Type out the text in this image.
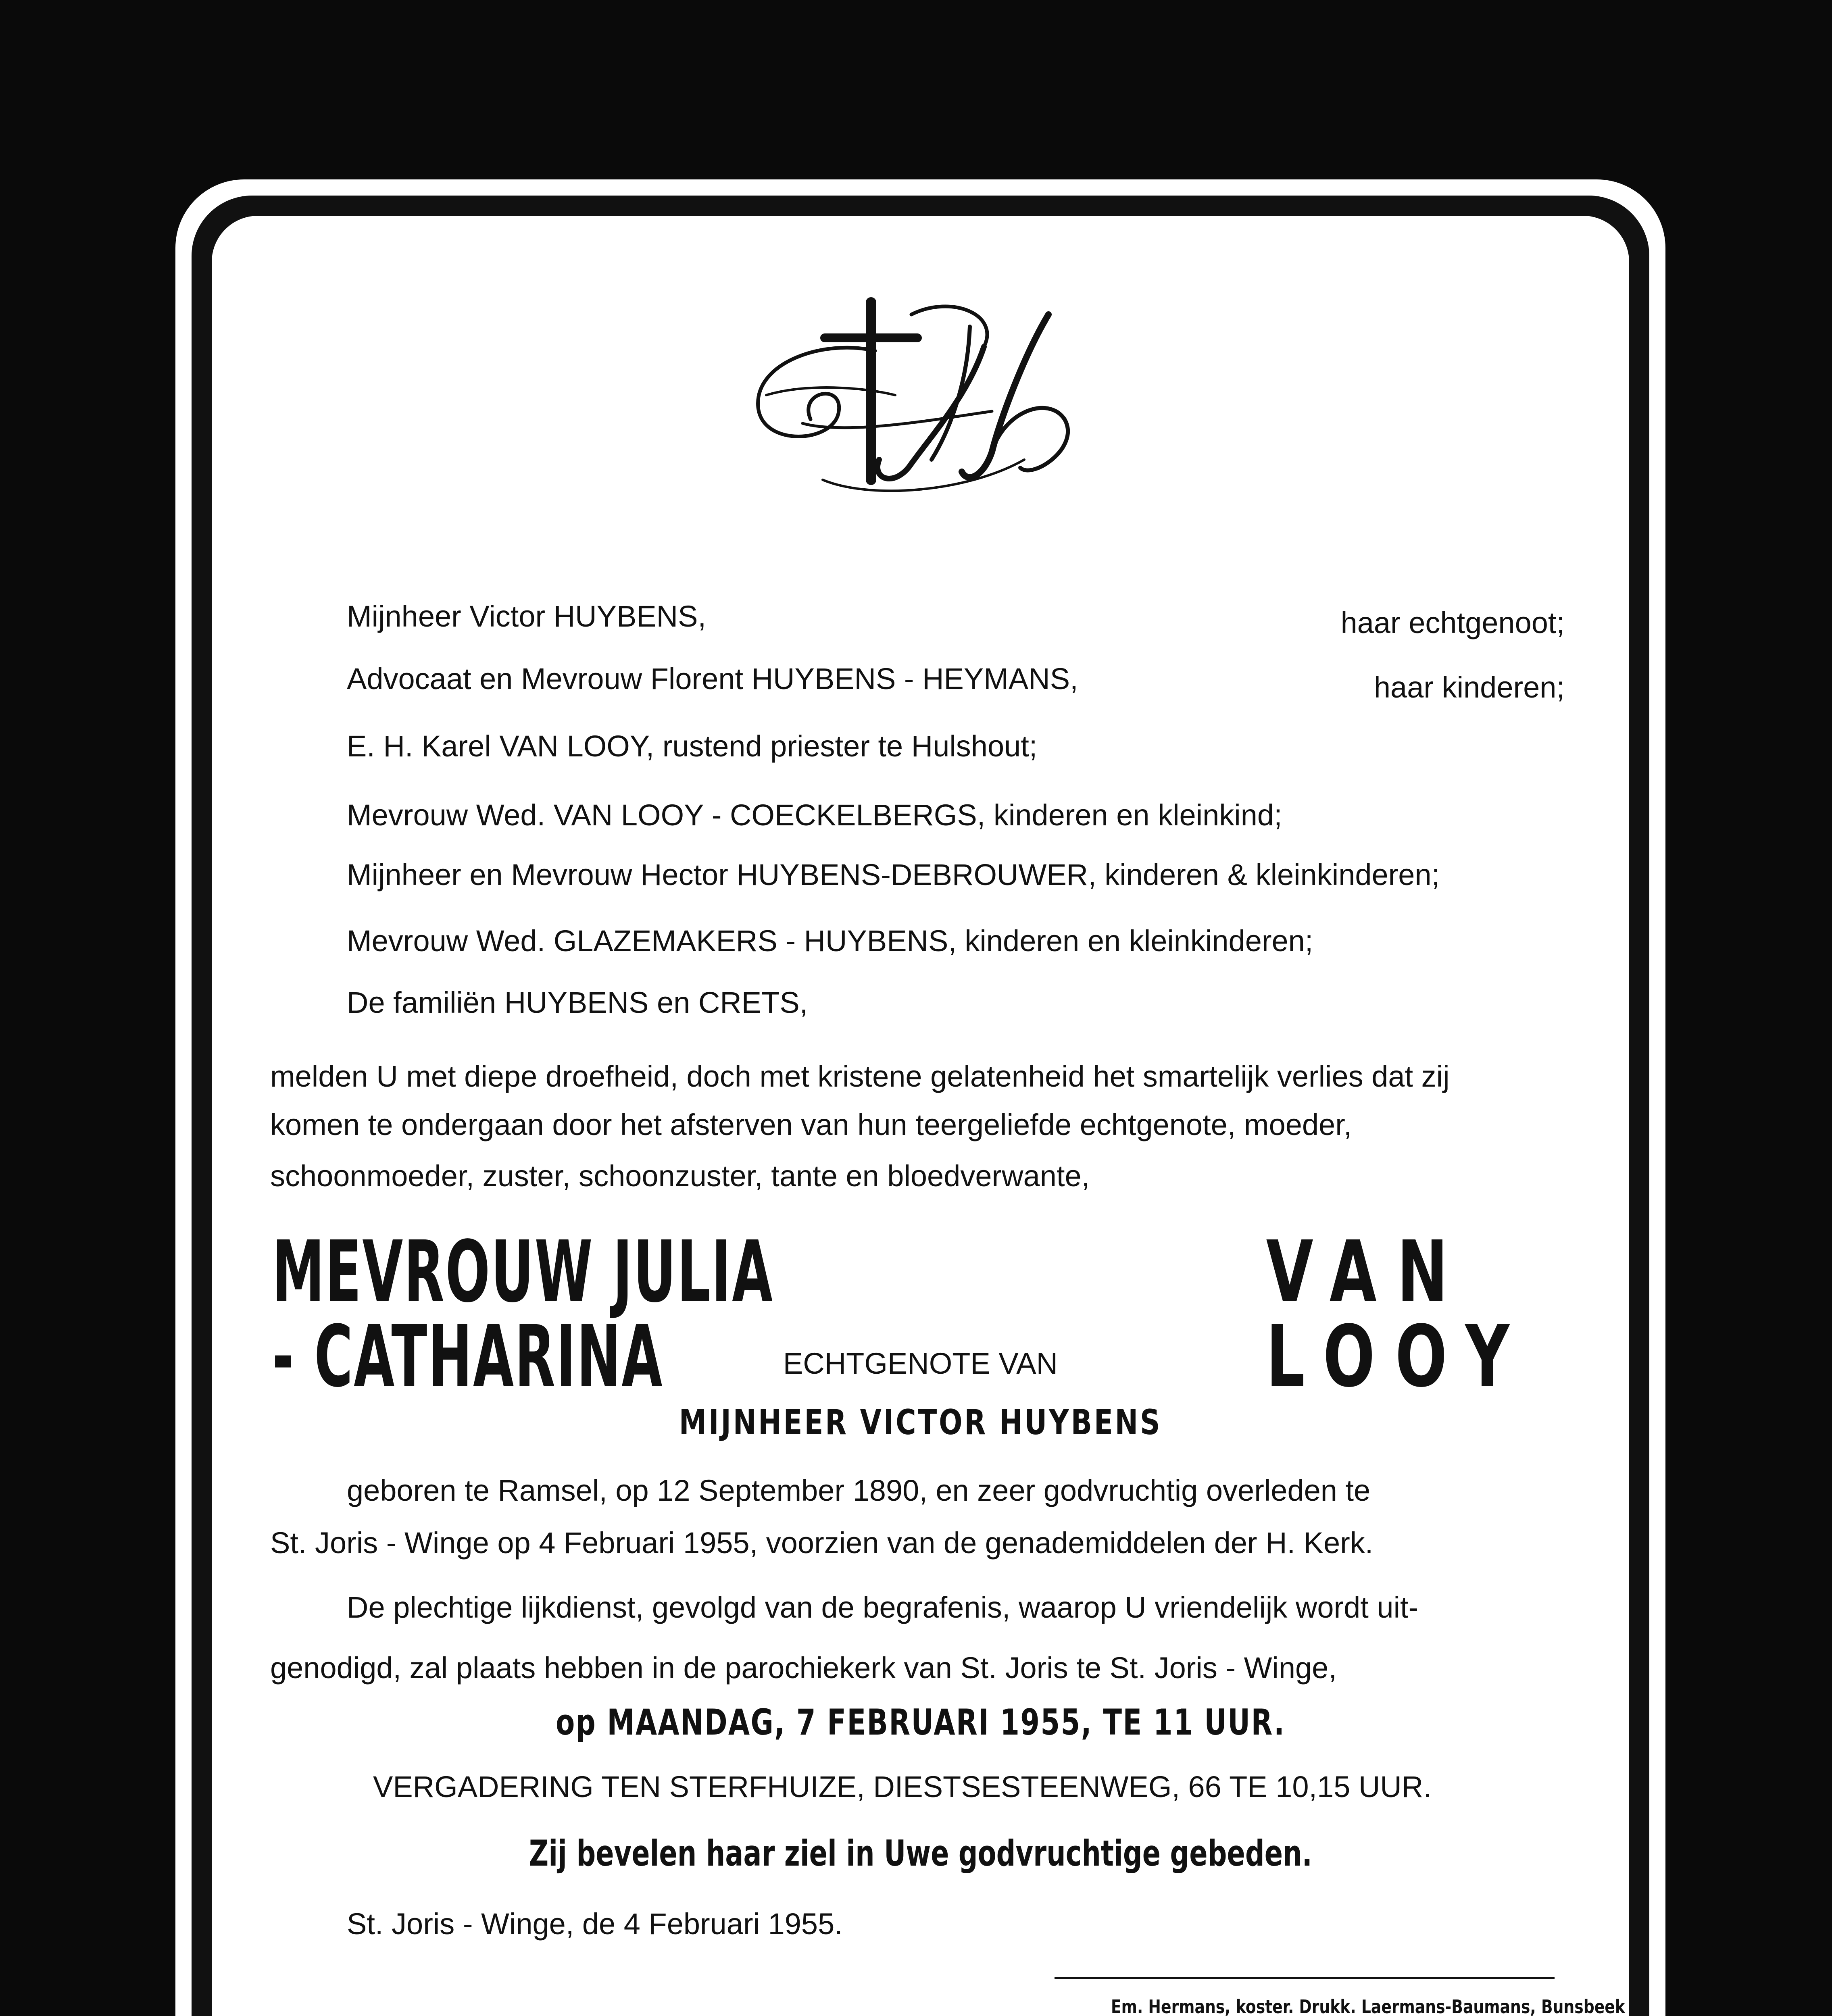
Mijnheer Victor HUYBENS,	haar echtgenoot;
Advocaat en Mevrouw Florent HUYBENS - HEYMANS,	haar kinderen;
E. H. Karel VAN LOOY, rustend priester te Hulshout;
Mevrouw Wed. VAN LOOY - COECKELBERGS, kinderen en kleinkind;
Mijnheer en Mevrouw Hector HUYBENS-DEBROUWER, kinderen & kleinkinderen;
Mevrouw Wed. GLAZEMAKERS - HUYBENS, kinderen en kleinkinderen;
De familiën HUYBENS en CRETS,
melden U met diepe droefheid, doch met kristene gelatenheid het smartelijk verlies dat zij
komen te ondergaan door het afsterven van hun teergeliefde echtgenote, moeder,
schoonmoeder, zuster, schoonzuster, tante en bloedverwante,
MEVROUW JULIA - CATHARINA
VAN LOOY
ECHTGENOTE VAN
MIJNHEER VICTOR HUYBENS
geboren te Ramsel, op 12 September 1890, en zeer godvruchtig overleden te
St. Joris - Winge op 4 Februari 1955, voorzien van de genademiddelen der H. Kerk.
De plechtige lijkdienst, gevolgd van de begrafenis, waarop U vriendelijk wordt uit-
genodigd, zal plaats hebben in de parochiekerk van St. Joris te St. Joris - Winge,
op MAANDAG, 7 FEBRUARI 1955, TE 11 UUR.
VERGADERING TEN STERFHUIZE, DIESTSESTEENWEG, 66 TE 10,15 UUR.
Zij bevelen haar ziel in Uwe godvruchtige gebeden.
St. Joris - Winge, de 4 Februari 1955.
Em. Hermans, koster. Drukk. Laermans-Baumans, Bunsbeek
